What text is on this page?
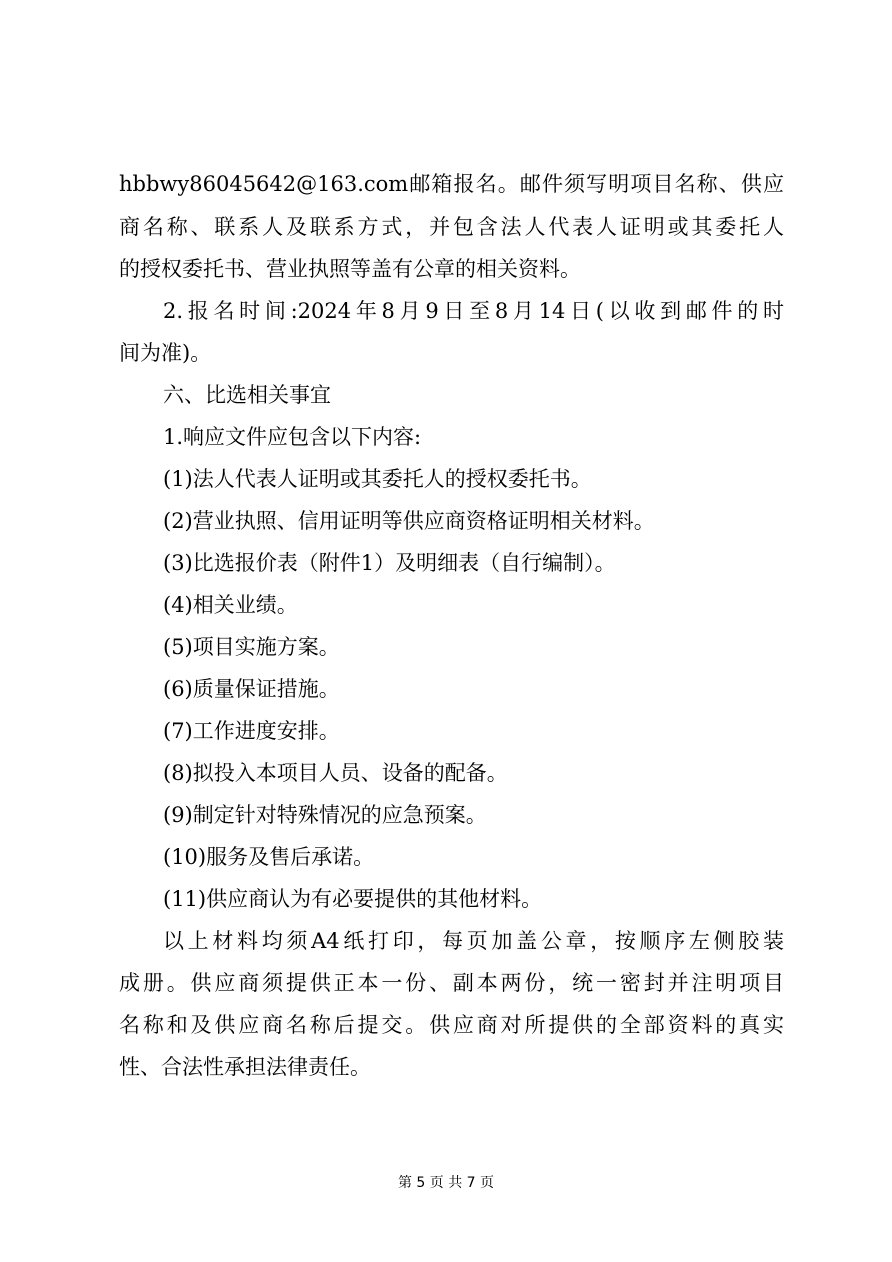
hbbwy86045642@163.com邮箱报名。邮件须写明项目名称、供应
商名称、联系人及联系方式，并包含法人代表人证明或其委托人
的授权委托书、营业执照等盖有公章的相关资料。
2.报名时间:2024年8月9日至8月14日(以收到邮件的时
间为准)。
六、比选相关事宜
1.响应文件应包含以下内容:
(1)法人代表人证明或其委托人的授权委托书。
(2)营业执照、信用证明等供应商资格证明相关材料。
(3)比选报价表（附件1）及明细表（自行编制）。
(4)相关业绩。
(5)项目实施方案。
(6)质量保证措施。
(7)工作进度安排。
(8)拟投入本项目人员、设备的配备。
(9)制定针对特殊情况的应急预案。
(10)服务及售后承诺。
(11)供应商认为有必要提供的其他材料。
以上材料均须A4纸打印，每页加盖公章，按顺序左侧胶装
成册。供应商须提供正本一份、副本两份，统一密封并注明项目
名称和及供应商名称后提交。供应商对所提供的全部资料的真实
性、合法性承担法律责任。
第 5 页 共 7 页
